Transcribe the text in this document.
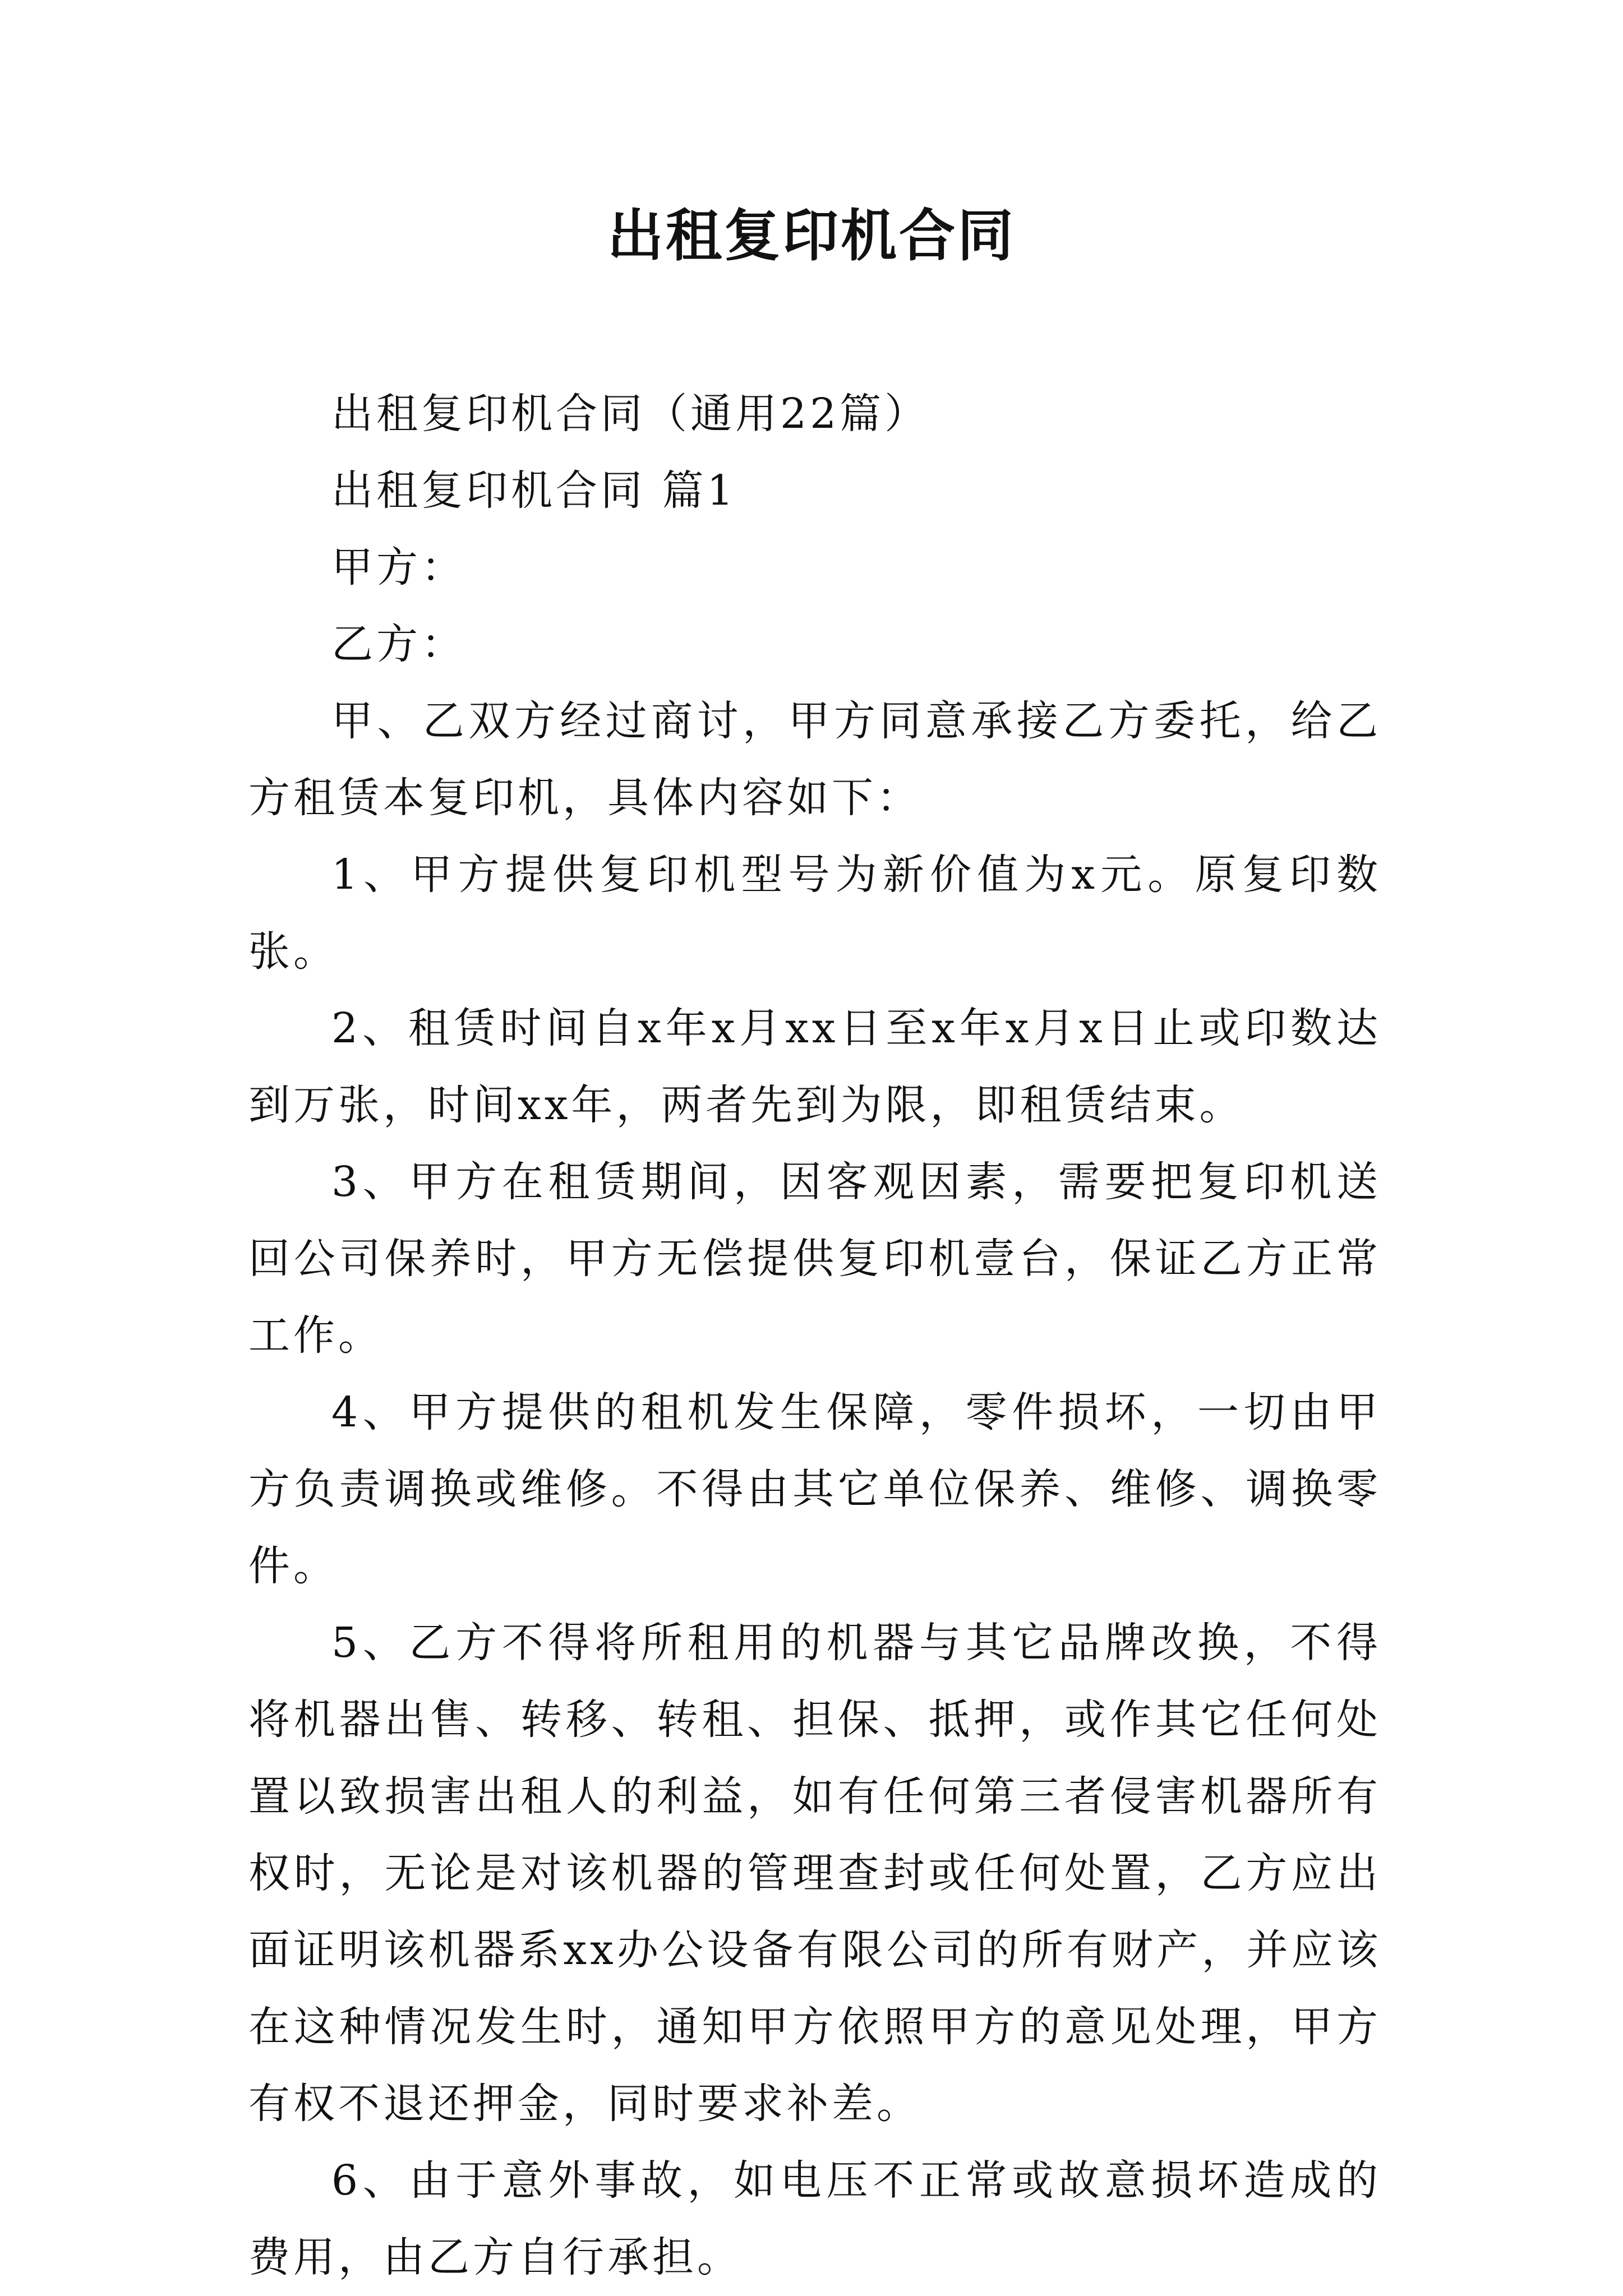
出租复印机合同

出租复印机合同（通用22篇）

出租复印机合同 篇1

甲方：

乙方：

甲、乙双方经过商讨，甲方同意承接乙方委托，给乙方租赁本复印机，具体内容如下：

1、甲方提供复印机型号为新价值为x元。原复印数张。

2、租赁时间自x年x月xx日至x年x月x日止或印数达到万张，时间xx年，两者先到为限，即租赁结束。

3、甲方在租赁期间，因客观因素，需要把复印机送回公司保养时，甲方无偿提供复印机壹台，保证乙方正常工作。

4、甲方提供的租机发生保障，零件损坏，一切由甲方负责调换或维修。不得由其它单位保养、维修、调换零件。

5、乙方不得将所租用的机器与其它品牌改换，不得将机器出售、转移、转租、担保、抵押，或作其它任何处置以致损害出租人的利益，如有任何第三者侵害机器所有权时，无论是对该机器的管理查封或任何处置，乙方应出面证明该机器系xx办公设备有限公司的所有财产，并应该在这种情况发生时，通知甲方依照甲方的意见处理，甲方有权不退还押金，同时要求补差。

6、由于意外事故，如电压不正常或故意损坏造成的费用，由乙方自行承担。
